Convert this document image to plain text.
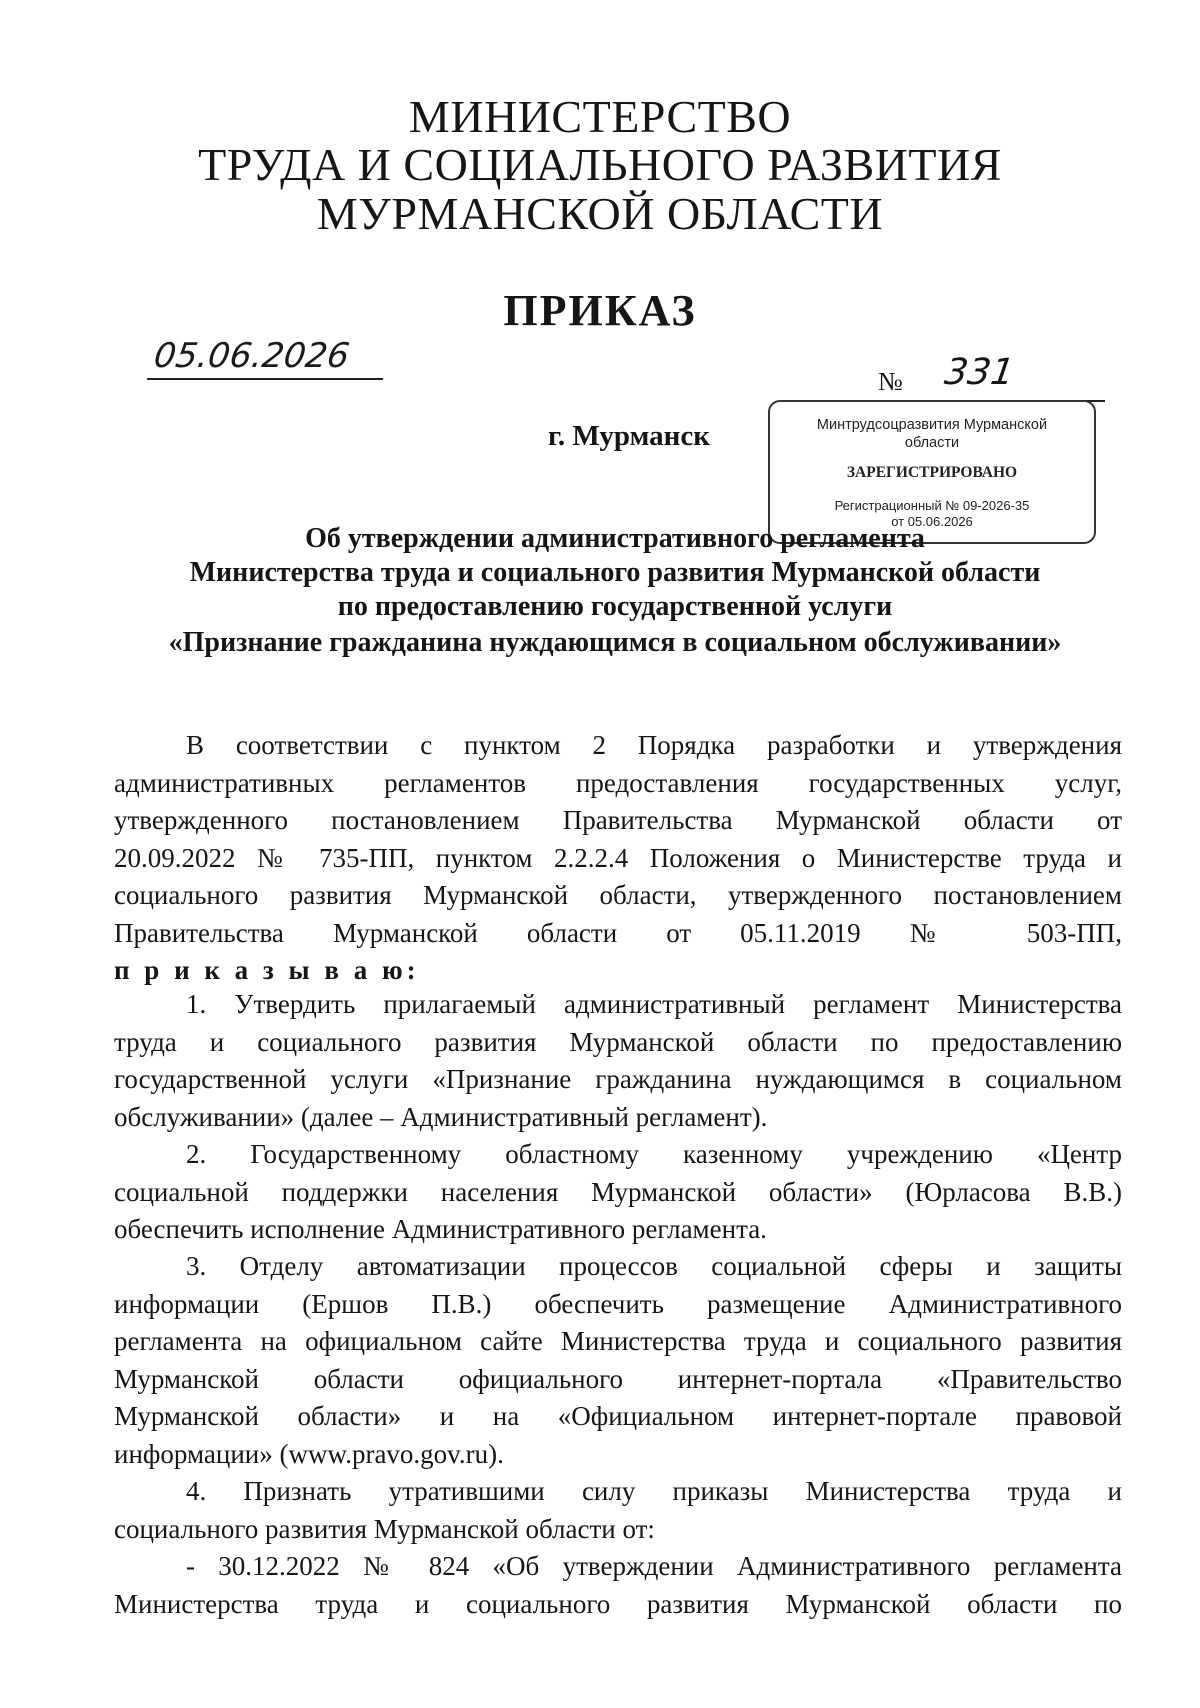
МИНИСТЕРСТВО
ТРУДА И СОЦИАЛЬНОГО РАЗВИТИЯ
МУРМАНСКОЙ ОБЛАСТИ
ПРИКАЗ
05.06.2026
№ 331
г. Мурманск	Минтрудсоцразвития Мурманской
области
ЗАРЕГИСТРИРОВАНО
Регистрационный № 09-2026-35
от 05.06.2026
Об утверждении административного регламента
Министерства труда и социального развития Мурманской области
по предоставлению государственной услуги
«Признание гражданина нуждающимся в социальном обслуживании»
В соответствии с пунктом 2 Порядка разработки и утверждения
административных регламентов предоставления государственных услуг,
утвержденного постановлением Правительства Мурманской области от
20.09.2022 № 735-ПП, пунктом 2.2.2.4 Положения о Министерстве труда и
социального развития Мурманской области, утвержденного постановлением
Правительства Мурманской области от 05.11.2019 № 503-ПП,
п р и к а з ы в а ю:
1. Утвердить прилагаемый административный регламент Министерства
труда и социального развития Мурманской области по предоставлению
государственной услуги «Признание гражданина нуждающимся в социальном
обслуживании» (далее – Административный регламент).
2. Государственному областному казенному учреждению «Центр
социальной поддержки населения Мурманской области» (Юрласова В.В.)
обеспечить исполнение Административного регламента.
3. Отделу автоматизации процессов социальной сферы и защиты
информации (Ершов П.В.) обеспечить размещение Административного
регламента на официальном сайте Министерства труда и социального развития
Мурманской области официального интернет-портала «Правительство
Мурманской области» и на «Официальном интернет-портале правовой
информации» (www.pravo.gov.ru).
4. Признать утратившими силу приказы Министерства труда и
социального развития Мурманской области от:
- 30.12.2022 № 824 «Об утверждении Административного регламента
Министерства труда и социального развития Мурманской области по
